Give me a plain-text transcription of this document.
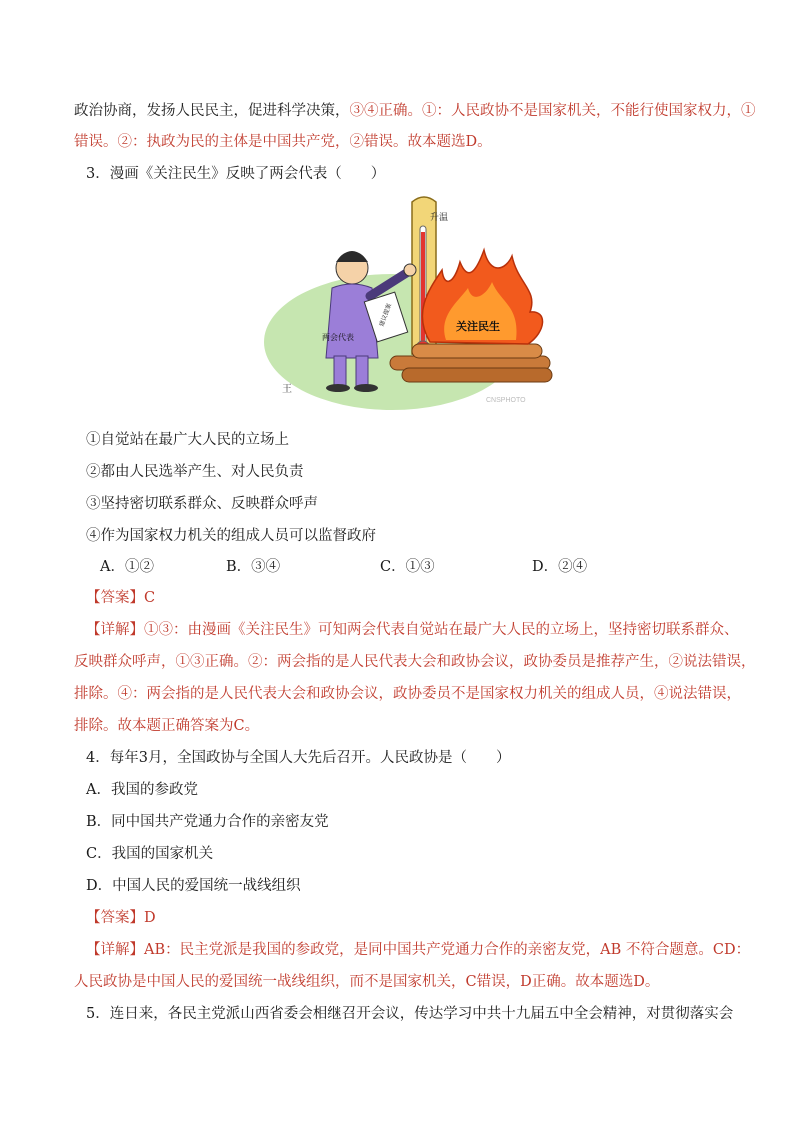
政治协商，发扬人民民主，促进科学决策，③④正确。①：人民政协不是国家机关，不能行使国家权力，①
错误。②：执政为民的主体是中国共产党，②错误。故本题选D。
3．漫画《关注民生》反映了两会代表（　　）
升温
关注民生
两会代表
建议提案
王
CNSPHOTO
①自觉站在最广大人民的立场上
②都由人民选举产生、对人民负责
③坚持密切联系群众、反映群众呼声
④作为国家权力机关的组成人员可以监督政府
A．①②	B．③④	C．①③	D．②④
【答案】C
【详解】①③：由漫画《关注民生》可知两会代表自觉站在最广大人民的立场上，坚持密切联系群众、
反映群众呼声，①③正确。②：两会指的是人民代表大会和政协会议，政协委员是推荐产生，②说法错误，
排除。④：两会指的是人民代表大会和政协会议，政协委员不是国家权力机关的组成人员，④说法错误，
排除。故本题正确答案为C。
4．每年3月，全国政协与全国人大先后召开。人民政协是（　　）
A．我国的参政党
B．同中国共产党通力合作的亲密友党
C．我国的国家机关
D．中国人民的爱国统一战线组织
【答案】D
【详解】AB：民主党派是我国的参政党，是同中国共产党通力合作的亲密友党，AB 不符合题意。CD：
人民政协是中国人民的爱国统一战线组织，而不是国家机关，C错误，D正确。故本题选D。
5．连日来，各民主党派山西省委会相继召开会议，传达学习中共十九届五中全会精神，对贯彻落实会
